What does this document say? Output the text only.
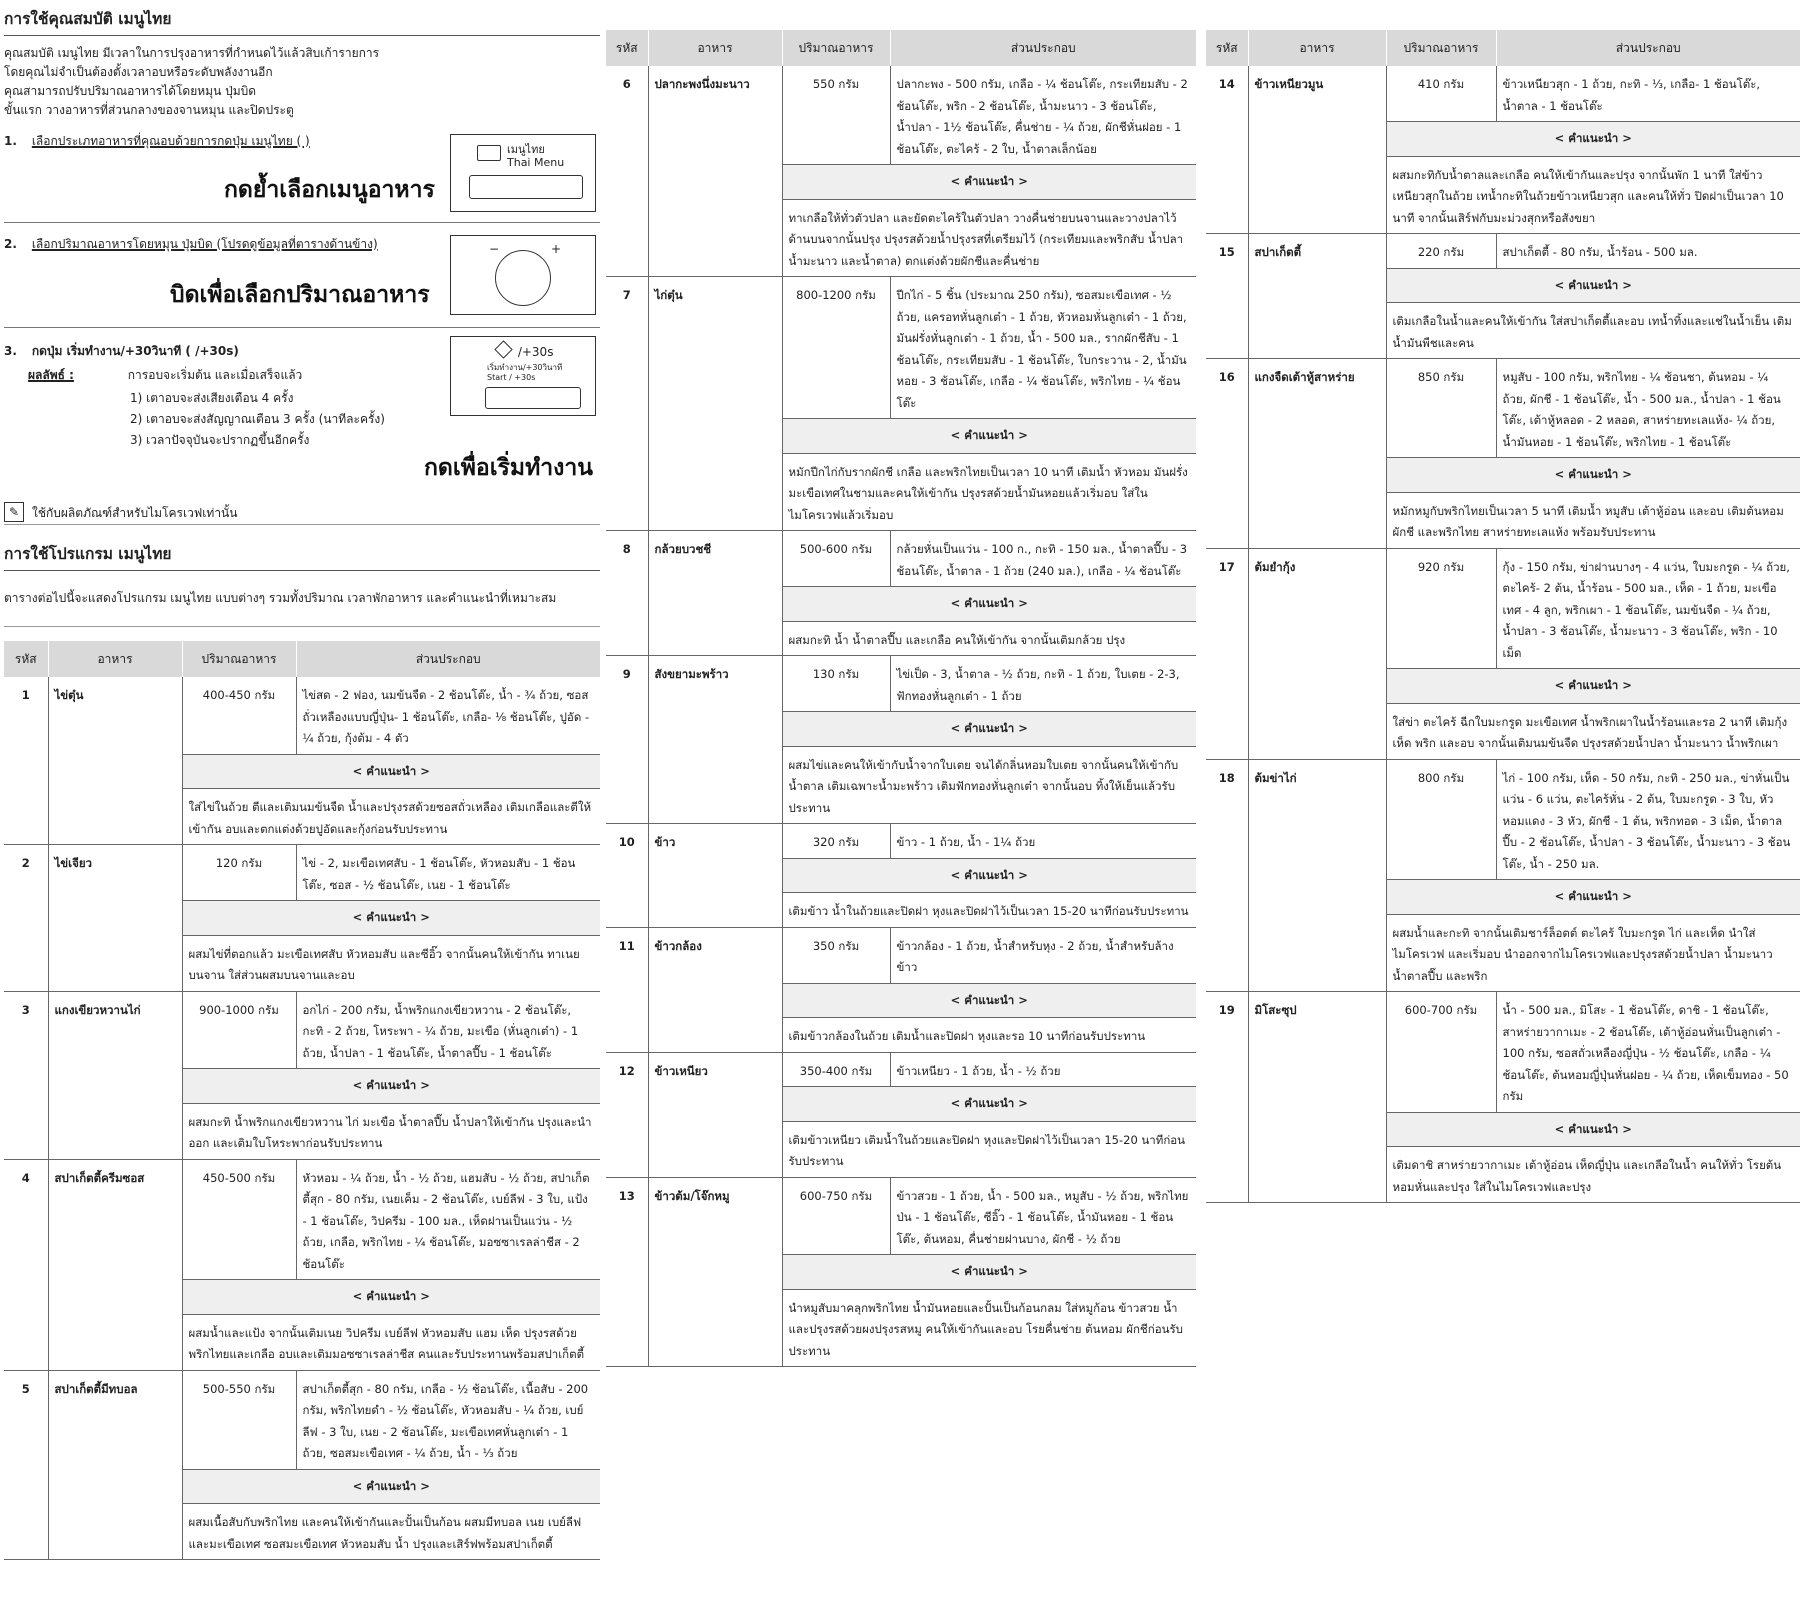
การใช้คุณสมบัติ เมนูไทย

คุณสมบัติ เมนูไทย มีเวลาในการปรุงอาหารที่กำหนดไว้แล้วสิบเก้ารายการ

โดยคุณไม่จำเป็นต้องตั้งเวลาอบหรือระดับพลังงานอีก

คุณสามารถปรับปริมาณอาหารได้โดยหมุน ปุ่มบิด

ขั้นแรก วางอาหารที่ส่วนกลางของจานหมุน และปิดประตู

1. เลือกประเภทอาหารที่คุณอบด้วยการกดปุ่ม เมนูไทย ( )
กดย้ำเลือกเมนูอาหาร
เมนูไทย
Thai Menu
2. เลือกปริมาณอาหารโดยหมุน ปุ่มบิด (โปรดดูข้อมูลที่ตารางด้านข้าง)
บิดเพื่อเลือกปริมาณอาหาร
−	+
3. กดปุ่ม เริ่มทำงาน/+30วินาที ( /+30s)
ผลลัพธ์ :	การอบจะเริ่มต้น และเมื่อเสร็จแล้ว
1) เตาอบจะส่งเสียงเตือน 4 ครั้ง
2) เตาอบจะส่งสัญญาณเตือน 3 ครั้ง (นาทีละครั้ง)
3) เวลาปัจจุบันจะปรากฏขึ้นอีกครั้ง
กดเพื่อเริ่มทำงาน
/+30s
เริ่มทำงาน/+30วินาที
Start / +30s
✎	ใช้กับผลิตภัณฑ์สำหรับไมโครเวฟเท่านั้น
การใช้โปรแกรม เมนูไทย
ตารางต่อไปนี้จะแสดงโปรแกรม เมนูไทย แบบต่างๆ รวมทั้งปริมาณ เวลาพักอาหาร และคำแนะนำที่เหมาะสม
รหัส	อาหาร	ปริมาณอาหาร	ส่วนประกอบ
1	ไข่ตุ๋น	400-450 กรัม	ไข่สด - 2 ฟอง, นมข้นจืด - 2 ช้อนโต๊ะ, น้ำ - ¾ ถ้วย, ซอสถั่วเหลืองแบบญี่ปุ่น- 1 ช้อนโต๊ะ, เกลือ- ⅛ ช้อนโต๊ะ, ปูอัด - ¼ ถ้วย, กุ้งต้ม - 4 ตัว
		< คำแนะนำ >	
		ใส่ไข่ในถ้วย ตีและเติมนมข้นจืด น้ำและปรุงรสด้วยซอสถั่วเหลือง เติมเกลือและตีให้เข้ากัน อบและตกแต่งด้วยปูอัดและกุ้งก่อนรับประทาน	
2	ไข่เจียว	120 กรัม	ไข่ - 2, มะเขือเทศสับ - 1 ช้อนโต๊ะ, หัวหอมสับ - 1 ช้อนโต๊ะ, ซอส - ½ ช้อนโต๊ะ, เนย - 1 ช้อนโต๊ะ
		< คำแนะนำ >	
		ผสมไข่ที่ตอกแล้ว มะเขือเทศสับ หัวหอมสับ และซีอิ๊ว จากนั้นคนให้เข้ากัน ทาเนยบนจาน ใส่ส่วนผสมบนจานและอบ	
3	แกงเขียวหวานไก่	900-1000 กรัม	อกไก่ - 200 กรัม, น้ำพริกแกงเขียวหวาน - 2 ช้อนโต๊ะ, กะทิ - 2 ถ้วย, โหระพา - ¼ ถ้วย, มะเขือ (หั่นลูกเต๋า) - 1 ถ้วย, น้ำปลา - 1 ช้อนโต๊ะ, น้ำตาลปี๊บ - 1 ช้อนโต๊ะ
		< คำแนะนำ >	
		ผสมกะทิ น้ำพริกแกงเขียวหวาน ไก่ มะเขือ น้ำตาลปี๊บ น้ำปลาให้เข้ากัน ปรุงและนำออก และเติมใบโหระพาก่อนรับประทาน	
4	สปาเก็ตตี้ครีมซอส	450-500 กรัม	หัวหอม - ¼ ถ้วย, น้ำ - ½ ถ้วย, แฮมสับ - ½ ถ้วย, สปาเก็ตตี้สุก - 80 กรัม, เนยเค็ม - 2 ช้อนโต๊ะ, เบย์ลีฟ - 3 ใบ, แป้ง - 1 ช้อนโต๊ะ, วิปครีม - 100 มล., เห็ดฝานเป็นแว่น - ½ ถ้วย, เกลือ, พริกไทย - ¼ ช้อนโต๊ะ, มอซซาเรลล่าชีส - 2 ช้อนโต๊ะ
		< คำแนะนำ >	
		ผสมน้ำและแป้ง จากนั้นเติมเนย วิปครีม เบย์ลีฟ หัวหอมสับ แฮม เห็ด ปรุงรสด้วยพริกไทยและเกลือ อบและเติมมอซซาเรลล่าชีส คนและรับประทานพร้อมสปาเก็ตตี้	
5	สปาเก็ตตี้มีทบอล	500-550 กรัม	สปาเก็ตตี้สุก - 80 กรัม, เกลือ - ½ ช้อนโต๊ะ, เนื้อสับ - 200 กรัม, พริกไทยดำ - ½ ช้อนโต๊ะ, หัวหอมสับ - ¼ ถ้วย, เบย์ลีฟ - 3 ใบ, เนย - 2 ช้อนโต๊ะ, มะเขือเทศหั่นลูกเต๋า - 1 ถ้วย, ซอสมะเขือเทศ - ¼ ถ้วย, น้ำ - ⅓ ถ้วย
		< คำแนะนำ >	
		ผสมเนื้อสับกับพริกไทย และคนให้เข้ากันและปั้นเป็นก้อน ผสมมีทบอล เนย เบย์ลีฟ และมะเขือเทศ ซอสมะเขือเทศ หัวหอมสับ น้ำ ปรุงและเสิร์ฟพร้อมสปาเก็ตตี้	
รหัส	อาหาร	ปริมาณอาหาร	ส่วนประกอบ
6	ปลากะพงนึ่งมะนาว	550 กรัม	ปลากะพง - 500 กรัม, เกลือ - ¼ ช้อนโต๊ะ, กระเทียมสับ - 2 ช้อนโต๊ะ, พริก - 2 ช้อนโต๊ะ, น้ำมะนาว - 3 ช้อนโต๊ะ, น้ำปลา - 1½ ช้อนโต๊ะ, คื่นช่าย - ¼ ถ้วย, ผักชีหั่นฝอย - 1 ช้อนโต๊ะ, ตะไคร้ - 2 ใบ, น้ำตาลเล็กน้อย
		< คำแนะนำ >	
		ทาเกลือให้ทั่วตัวปลา และยัดตะไคร้ในตัวปลา วางคื่นช่ายบนจานและวางปลาไว้ด้านบนจากนั้นปรุง ปรุงรสด้วยน้ำปรุงรสที่เตรียมไว้ (กระเทียมและพริกสับ น้ำปลา น้ำมะนาว และน้ำตาล) ตกแต่งด้วยผักชีและคื่นช่าย	
7	ไก่ตุ๋น	800-1200 กรัม	ปีกไก่ - 5 ชิ้น (ประมาณ 250 กรัม), ซอสมะเขือเทศ - ½ ถ้วย, แครอทหั่นลูกเต๋า - 1 ถ้วย, หัวหอมหั่นลูกเต๋า - 1 ถ้วย, มันฝรั่งหั่นลูกเต๋า - 1 ถ้วย, น้ำ - 500 มล., รากผักชีสับ - 1 ช้อนโต๊ะ, กระเทียมสับ - 1 ช้อนโต๊ะ, ใบกระวาน - 2, น้ำมันหอย - 3 ช้อนโต๊ะ, เกลือ - ¼ ช้อนโต๊ะ, พริกไทย - ¼ ช้อนโต๊ะ
		< คำแนะนำ >	
		หมักปีกไก่กับรากผักชี เกลือ และพริกไทยเป็นเวลา 10 นาที เติมน้ำ หัวหอม มันฝรั่ง มะเขือเทศในชามและคนให้เข้ากัน ปรุงรสด้วยน้ำมันหอยแล้วเริ่มอบ ใส่ในไมโครเวฟแล้วเริ่มอบ	
8	กล้วยบวชชี	500-600 กรัม	กล้วยหั่นเป็นแว่น - 100 ก., กะทิ - 150 มล., น้ำตาลปี๊บ - 3 ช้อนโต๊ะ, น้ำตาล - 1 ถ้วย (240 มล.), เกลือ - ¼ ช้อนโต๊ะ
		< คำแนะนำ >	
		ผสมกะทิ น้ำ น้ำตาลปี๊บ และเกลือ คนให้เข้ากัน จากนั้นเติมกล้วย ปรุง	
9	สังขยามะพร้าว	130 กรัม	ไข่เป็ด - 3, น้ำตาล - ½ ถ้วย, กะทิ - 1 ถ้วย, ใบเตย - 2-3, ฟักทองหั่นลูกเต๋า - 1 ถ้วย
		< คำแนะนำ >	
		ผสมไข่และคนให้เข้ากับน้ำจากใบเตย จนได้กลิ่นหอมใบเตย จากนั้นคนให้เข้ากับน้ำตาล เติมเฉพาะน้ำมะพร้าว เติมฟักทองหั่นลูกเต๋า จากนั้นอบ ทิ้งให้เย็นแล้วรับประทาน	
10	ข้าว	320 กรัม	ข้าว - 1 ถ้วย, น้ำ - 1¼ ถ้วย
		< คำแนะนำ >	
		เติมข้าว น้ำในถ้วยและปิดฝา หุงและปิดฝาไว้เป็นเวลา 15-20 นาทีก่อนรับประทาน	
11	ข้าวกล้อง	350 กรัม	ข้าวกล้อง - 1 ถ้วย, น้ำสำหรับหุง - 2 ถ้วย, น้ำสำหรับล้างข้าว
		< คำแนะนำ >	
		เติมข้าวกล้องในถ้วย เติมน้ำและปิดฝา หุงและรอ 10 นาทีก่อนรับประทาน	
12	ข้าวเหนียว	350-400 กรัม	ข้าวเหนียว - 1 ถ้วย, น้ำ - ½ ถ้วย
		< คำแนะนำ >	
		เติมข้าวเหนียว เติมน้ำในถ้วยและปิดฝา หุงและปิดฝาไว้เป็นเวลา 15-20 นาทีก่อนรับประทาน	
13	ข้าวต้ม/โจ๊กหมู	600-750 กรัม	ข้าวสวย - 1 ถ้วย, น้ำ - 500 มล., หมูสับ - ½ ถ้วย, พริกไทยป่น - 1 ช้อนโต๊ะ, ซีอิ๊ว - 1 ช้อนโต๊ะ, น้ำมันหอย - 1 ช้อนโต๊ะ, ต้นหอม, คื่นช่ายฝานบาง, ผักชี - ½ ถ้วย
		< คำแนะนำ >	
		นำหมูสับมาคลุกพริกไทย น้ำมันหอยและปั้นเป็นก้อนกลม ใส่หมูก้อน ข้าวสวย น้ำ และปรุงรสด้วยผงปรุงรสหมู คนให้เข้ากันและอบ โรยคื่นช่าย ต้นหอม ผักชีก่อนรับประทาน	
รหัส	อาหาร	ปริมาณอาหาร	ส่วนประกอบ
14	ข้าวเหนียวมูน	410 กรัม	ข้าวเหนียวสุก - 1 ถ้วย, กะทิ - ⅓, เกลือ- 1 ช้อนโต๊ะ, น้ำตาล - 1 ช้อนโต๊ะ
		< คำแนะนำ >	
		ผสมกะทิกับน้ำตาลและเกลือ คนให้เข้ากันและปรุง จากนั้นพัก 1 นาที ใส่ข้าวเหนียวสุกในถ้วย เทน้ำกะทิในถ้วยข้าวเหนียวสุก และคนให้ทั่ว ปิดฝาเป็นเวลา 10 นาที จากนั้นเสิร์ฟกับมะม่วงสุกหรือสังขยา	
15	สปาเก็ตตี้	220 กรัม	สปาเก็ตตี้ - 80 กรัม, น้ำร้อน - 500 มล.
		< คำแนะนำ >	
		เติมเกลือในน้ำและคนให้เข้ากัน ใส่สปาเก็ตตี้และอบ เทน้ำทิ้งและแช่ในน้ำเย็น เติมน้ำมันพืชและคน	
16	แกงจืดเต้าหู้สาหร่าย	850 กรัม	หมูสับ - 100 กรัม, พริกไทย - ¼ ช้อนชา, ต้นหอม - ¼ ถ้วย, ผักชี - 1 ช้อนโต๊ะ, น้ำ - 500 มล., น้ำปลา - 1 ช้อนโต๊ะ, เต้าหู้หลอด - 2 หลอด, สาหร่ายทะเลแห้ง- ¼ ถ้วย, น้ำมันหอย - 1 ช้อนโต๊ะ, พริกไทย - 1 ช้อนโต๊ะ
		< คำแนะนำ >	
		หมักหมูกับพริกไทยเป็นเวลา 5 นาที เติมน้ำ หมูสับ เต้าหู้อ่อน และอบ เติมต้นหอม ผักชี และพริกไทย สาหร่ายทะเลแห้ง พร้อมรับประทาน	
17	ต้มยำกุ้ง	920 กรัม	กุ้ง - 150 กรัม, ข่าฝานบางๆ - 4 แว่น, ใบมะกรูด - ¼ ถ้วย, ตะไคร้- 2 ต้น, น้ำร้อน - 500 มล., เห็ด - 1 ถ้วย, มะเขือเทศ - 4 ลูก, พริกเผา - 1 ช้อนโต๊ะ, นมข้นจืด - ¼ ถ้วย, น้ำปลา - 3 ช้อนโต๊ะ, น้ำมะนาว - 3 ช้อนโต๊ะ, พริก - 10 เม็ด
		< คำแนะนำ >	
		ใส่ข่า ตะไคร้ ฉีกใบมะกรูด มะเขือเทศ น้ำพริกเผาในน้ำร้อนและรอ 2 นาที เติมกุ้ง เห็ด พริก และอบ จากนั้นเติมนมข้นจืด ปรุงรสด้วยน้ำปลา น้ำมะนาว น้ำพริกเผา	
18	ต้มข่าไก่	800 กรัม	ไก่ - 100 กรัม, เห็ด - 50 กรัม, กะทิ - 250 มล., ข่าหั่นเป็นแว่น - 6 แว่น, ตะไคร้หั่น - 2 ต้น, ใบมะกรูด - 3 ใบ, หัวหอมแดง - 3 หัว, ผักชี - 1 ต้น, พริกทอด - 3 เม็ด, น้ำตาลปี๊บ - 2 ช้อนโต๊ะ, น้ำปลา - 3 ช้อนโต๊ะ, น้ำมะนาว - 3 ช้อนโต๊ะ, น้ำ - 250 มล.
		< คำแนะนำ >	
		ผสมน้ำและกะทิ จากนั้นเติมชาร์ล็อตต์ ตะไคร้ ใบมะกรูด ไก่ และเห็ด นำใส่ไมโครเวฟ และเริ่มอบ นำออกจากไมโครเวฟและปรุงรสด้วยน้ำปลา น้ำมะนาว น้ำตาลปี๊บ และพริก	
19	มิโสะซุป	600-700 กรัม	น้ำ - 500 มล., มิโสะ - 1 ช้อนโต๊ะ, ดาชิ - 1 ช้อนโต๊ะ, สาหร่ายวากาเมะ - 2 ช้อนโต๊ะ, เต้าหู้อ่อนหั่นเป็นลูกเต๋า - 100 กรัม, ซอสถั่วเหลืองญี่ปุ่น - ½ ช้อนโต๊ะ, เกลือ - ¼ ช้อนโต๊ะ, ต้นหอมญี่ปุ่นหั่นฝอย - ¼ ถ้วย, เห็ดเข็มทอง - 50 กรัม
		< คำแนะนำ >	
		เติมดาชิ สาหร่ายวากาเมะ เต้าหู้อ่อน เห็ดญี่ปุ่น และเกลือในน้ำ คนให้ทั่ว โรยต้นหอมหั่นและปรุง ใส่ในไมโครเวฟและปรุง	
